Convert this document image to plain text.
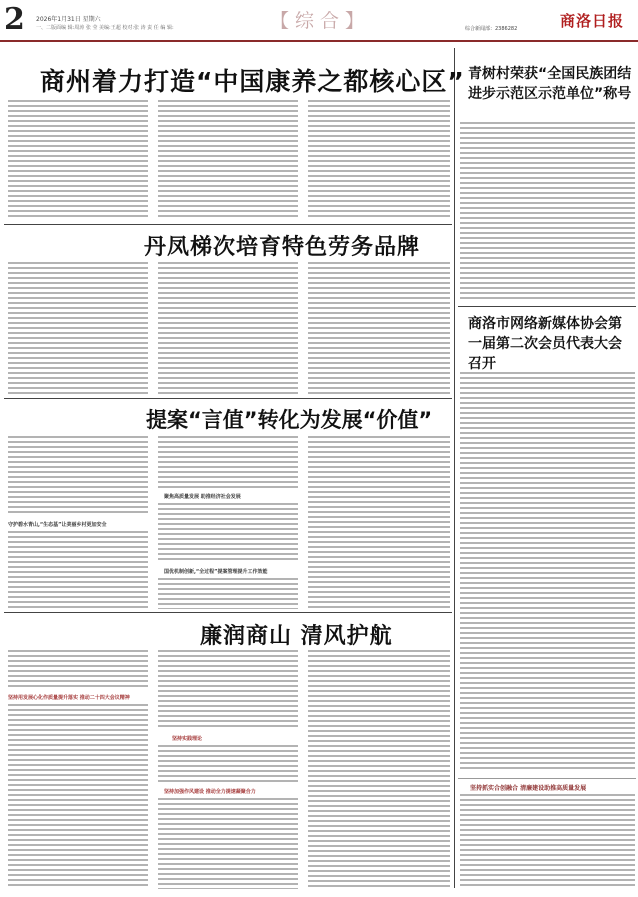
2 2026年1月31日 星期六
一、二版面编 辑:周涛 张 莹 美编:王超 校对:张 涛 责 任 编 辑:	【综合】	综合新闻部：2386282	商洛日报
商州着力打造“中国康养之都核心区”
丹凤梯次培育特色劳务品牌
提案“言值”转化为发展“价值”
守护碧水青山,“生态基”让美丽乡村更加安全
聚焦高质量发展 助推经济社会发展
国优机制创新,“全过程”提案管理提升工作效能
廉润商山 清风护航
坚持用发展心化作质量提升落实 推动二十四大会议精神
坚持实践理论
坚持加强作风建设 推动全力提速凝聚合力
青树村荣获“全国民族团结进步示范区示范单位”称号
商洛市网络新媒体协会第一届第二次会员代表大会召开
坚持抓实合创融合 清廉建设助推高质量发展
